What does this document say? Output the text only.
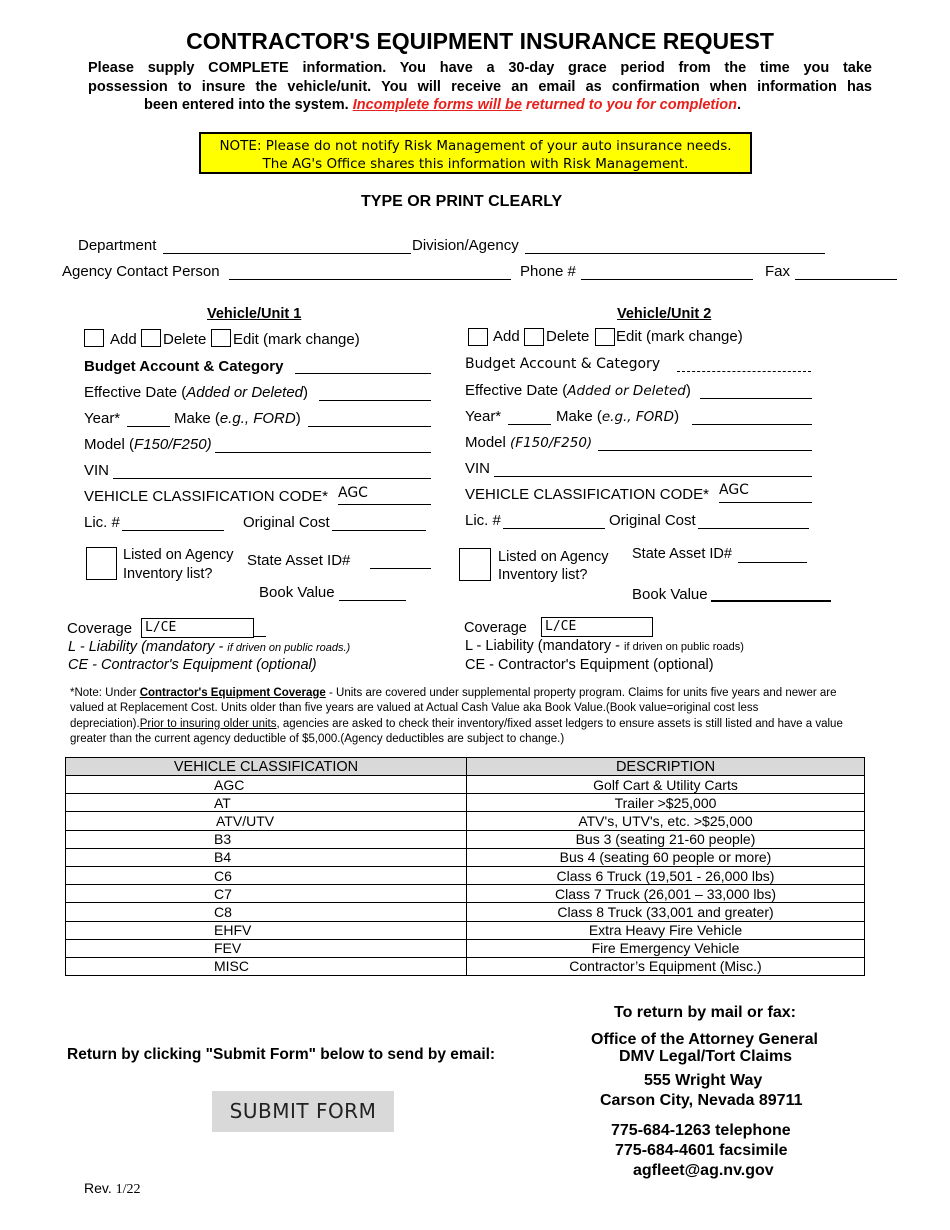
CONTRACTOR'S EQUIPMENT INSURANCE REQUEST
Please supply COMPLETE information. You have a 30-day grace period from the time you take
possession to insure the vehicle/unit. You will receive an email as confirmation when information has
been entered into the system. Incomplete forms will be returned to you for completion.
NOTE: Please do not notify Risk Management of your auto insurance needs.
The AG's Office shares this information with Risk Management.
TYPE OR PRINT CLEARLY
Department	Division/Agency
Agency Contact Person	Phone #	Fax
Vehicle/Unit 1
Add Delete Edit (mark change)
Budget Account & Category
Effective Date (Added or Deleted)
Year*	Make (e.g., FORD)
Model (F150/F250)
VIN
VEHICLE CLASSIFICATION CODE* AGC
Lic. #	Original Cost
Listed on Agency
Inventory list?
State Asset ID#
Book Value
Coverage L/CE
L - Liability (mandatory - if driven on public roads.)
CE - Contractor's Equipment (optional)
Vehicle/Unit 2
Add Delete Edit (mark change)
Budget Account & Category
Effective Date (Added or Deleted)
Year*	Make (e.g., FORD)
Model (F150/F250)
VIN
VEHICLE CLASSIFICATION CODE* AGC
Lic. #	Original Cost
Listed on Agency
Inventory list?
State Asset ID#
Book Value
Coverage	L/CE
L - Liability (mandatory - if driven on public roads)
CE - Contractor's Equipment (optional)
*Note: Under Contractor's Equipment Coverage - Units are covered under supplemental property program. Claims for units five years and newer are valued at Replacement Cost. Units older than five years are valued at Actual Cash Value aka Book Value.(Book value=original cost less depreciation).Prior to insuring older units, agencies are asked to check their inventory/fixed asset ledgers to ensure assets is still listed and have a value greater than the current agency deductible of $5,000.(Agency deductibles are subject to change.)
VEHICLE CLASSIFICATION	DESCRIPTION
AGC	Golf Cart & Utility Carts
AT	Trailer >$25,000
ATV/UTV	ATV's, UTV's, etc. >$25,000
B3	Bus 3 (seating 21-60 people)
B4	Bus 4 (seating 60 people or more)
C6	Class 6 Truck (19,501 - 26,000 lbs)
C7	Class 7 Truck (26,001 – 33,000 lbs)
C8	Class 8 Truck (33,001 and greater)
EHFV	Extra Heavy Fire Vehicle
FEV	Fire Emergency Vehicle
MISC	Contractor’s Equipment (Misc.)
Return by clicking "Submit Form" below to send by email:
SUBMIT FORM
To return by mail or fax:
Office of the Attorney General
DMV Legal/Tort Claims
555 Wright Way
Carson City, Nevada 89711
775-684-1263 telephone
775-684-4601 facsimile
agfleet@ag.nv.gov
Rev. 1/22
